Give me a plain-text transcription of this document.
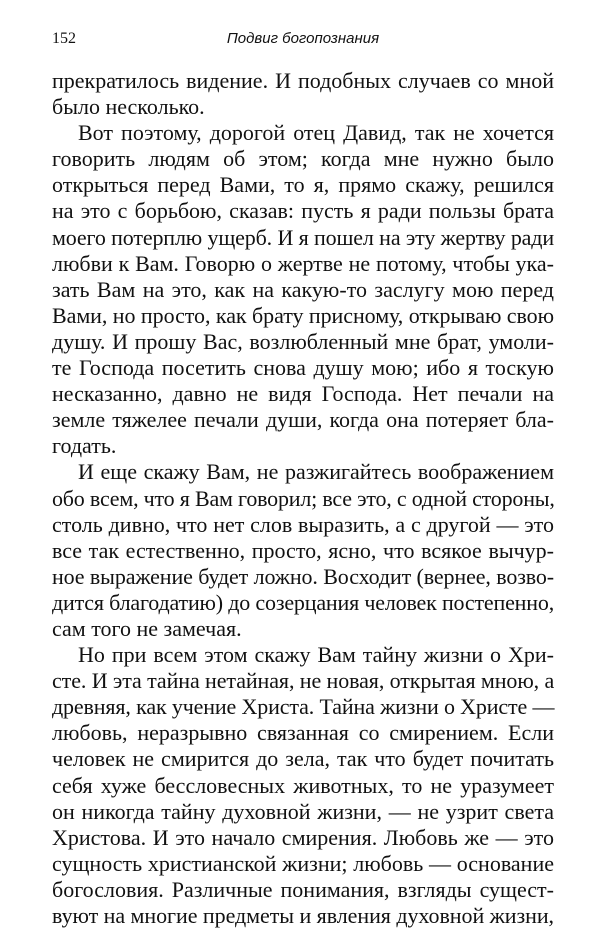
152	Подвиг богопознания
прекратилось видение. И подобных случаев со мной
было несколько.
Вот поэтому, дорогой отец Давид, так не хочется
говорить людям об этом; когда мне нужно было
открыться перед Вами, то я, прямо скажу, решился
на это с борьбою, сказав: пусть я ради пользы брата
моего потерплю ущерб. И я пошел на эту жертву ради
любви к Вам. Говорю о жертве не потому, чтобы ука-
зать Вам на это, как на какую-то заслугу мою перед
Вами, но просто, как брату присному, открываю свою
душу. И прошу Вас, возлюбленный мне брат, умоли-
те Господа посетить снова душу мою; ибо я тоскую
несказанно, давно не видя Господа. Нет печали на
земле тяжелее печали души, когда она потеряет бла-
годать.
И еще скажу Вам, не разжигайтесь воображением
обо всем, что я Вам говорил; все это, с одной стороны,
столь дивно, что нет слов выразить, а с другой — это
все так естественно, просто, ясно, что всякое вычур-
ное выражение будет ложно. Восходит (вернее, возво-
дится благодатию) до созерцания человек постепенно,
сам того не замечая.
Но при всем этом скажу Вам тайну жизни о Хри-
сте. И эта тайна нетайная, не новая, открытая мною, а
древняя, как учение Христа. Тайна жизни о Христе —
любовь, неразрывно связанная со смирением. Если
человек не смирится до зела, так что будет почитать
себя хуже бессловесных животных, то не уразумеет
он никогда тайну духовной жизни, — не узрит света
Христова. И это начало смирения. Любовь же — это
сущность христианской жизни; любовь — основание
богословия. Различные понимания, взгляды сущест-
вуют на многие предметы и явления духовной жизни,
